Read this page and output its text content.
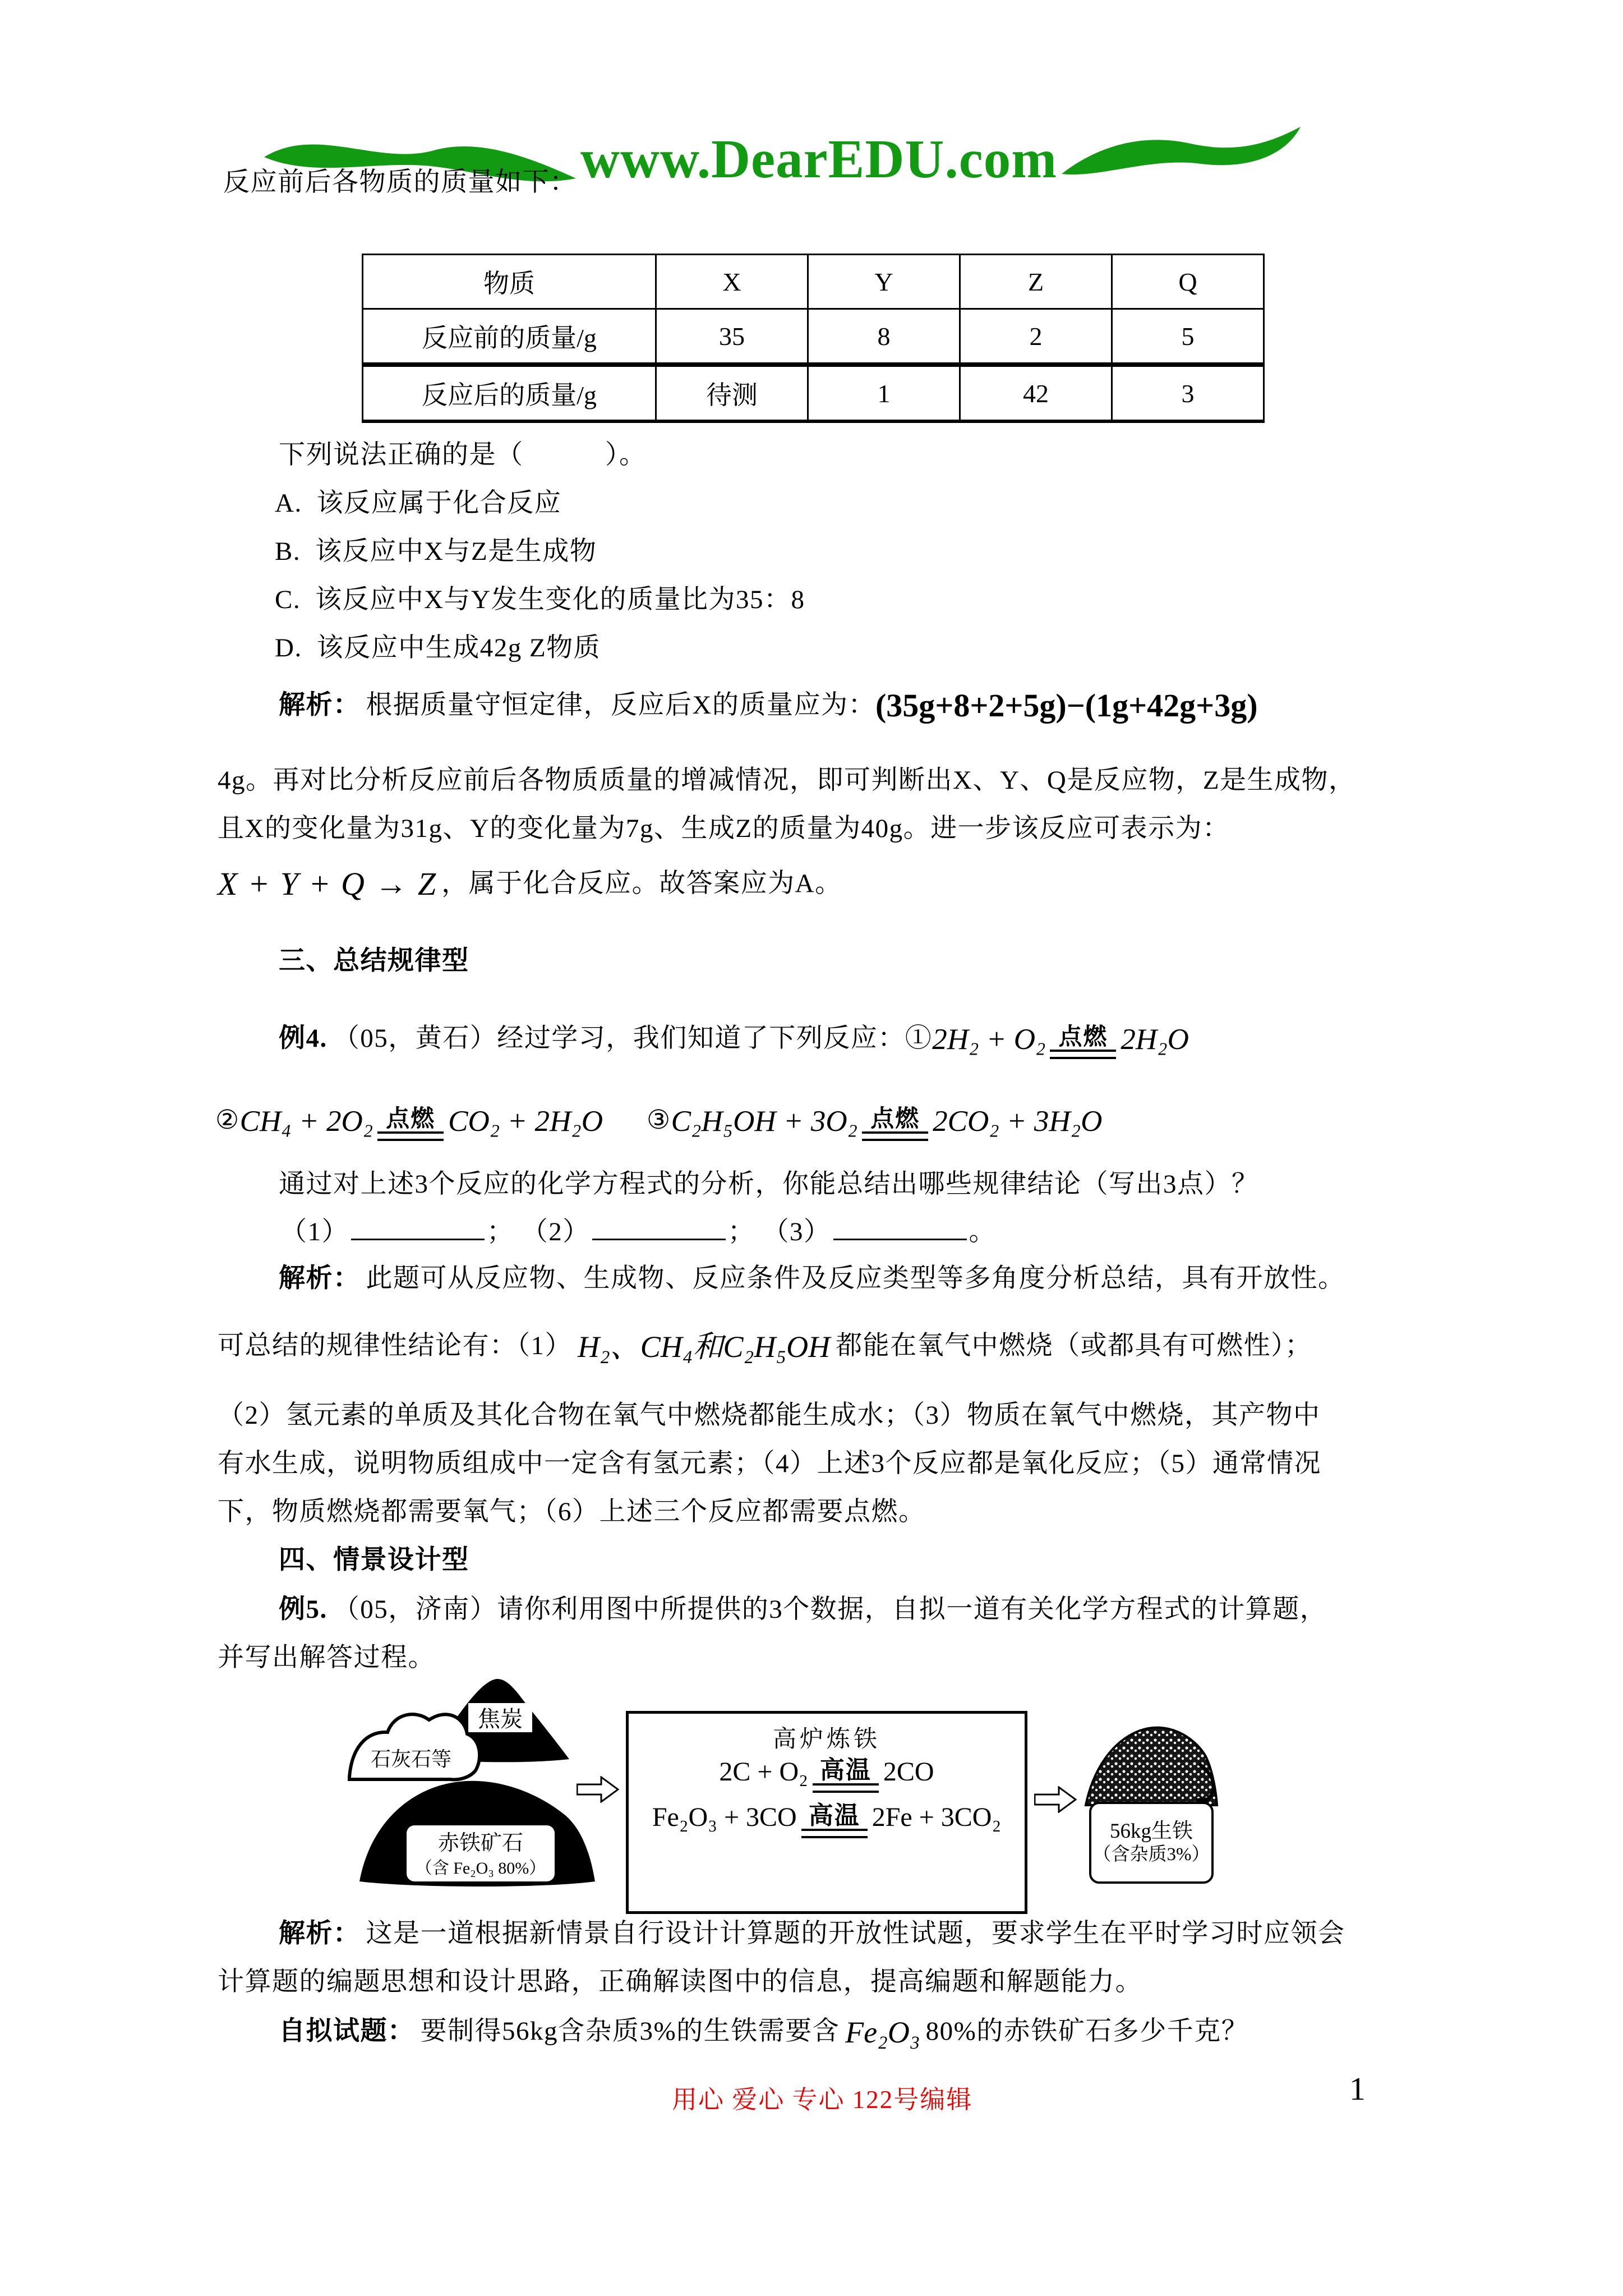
www.DearEDU.com
反应前后各物质的质量如下：
物质	X	Y	Z	Q
反应前的质量/g	35	8	2	5
反应后的质量/g	待测	1	42	3
下列说法正确的是（　　　）。
A. 该反应属于化合反应
B. 该反应中X与Z是生成物
C. 该反应中X与Y发生变化的质量比为35：8
D. 该反应中生成42g Z物质
解析： 根据质量守恒定律，反应后X的质量应为：(35g+8+2+5g)−(1g+42g+3g)
4g。再对比分析反应前后各物质质量的增减情况，即可判断出X、Y、Q是反应物，Z是生成物，
且X的变化量为31g、Y的变化量为7g、生成Z的质量为40g。进一步该反应可表示为：
X + Y + Q → Z ，属于化合反应。故答案应为A。
三、总结规律型
例4. （05，黄石）经过学习，我们知道了下列反应：①2H₂ + O₂ 点燃 2H₂O
②CH₄ + 2O₂ 点燃 CO₂ + 2H₂O ③C₂H₅OH + 3O₂ 点燃 2CO₂ + 3H₂O
通过对上述3个反应的化学方程式的分析，你能总结出哪些规律结论（写出3点）？
（1）	； （2）	； （3）	。
解析： 此题可从反应物、生成物、反应条件及反应类型等多角度分析总结，具有开放性。
可总结的规律性结论有：（1） H₂、CH₄和C₂H₅OH 都能在氧气中燃烧（或都具有可燃性）；
（2）氢元素的单质及其化合物在氧气中燃烧都能生成水；（3）物质在氧气中燃烧，其产物中
有水生成，说明物质组成中一定含有氢元素；（4）上述3个反应都是氧化反应；（5）通常情况
下，物质燃烧都需要氧气；（6）上述三个反应都需要点燃。
四、情景设计型
例5. （05，济南）请你利用图中所提供的3个数据，自拟一道有关化学方程式的计算题，
并写出解答过程。
焦炭
石灰石等
赤铁矿石
（含 Fe₂O₃ 80%）
高炉炼铁
2C + O₂ 高温 2CO
Fe₂O₃ + 3CO 高温 2Fe + 3CO₂	56kg生铁
（含杂质3%）
解析： 这是一道根据新情景自行设计计算题的开放性试题，要求学生在平时学习时应领会
计算题的编题思想和设计思路，正确解读图中的信息，提高编题和解题能力。
自拟试题： 要制得56kg含杂质3%的生铁需要含 Fe₂O₃ 80%的赤铁矿石多少千克？
用心 爱心 专心 122号编辑	1
